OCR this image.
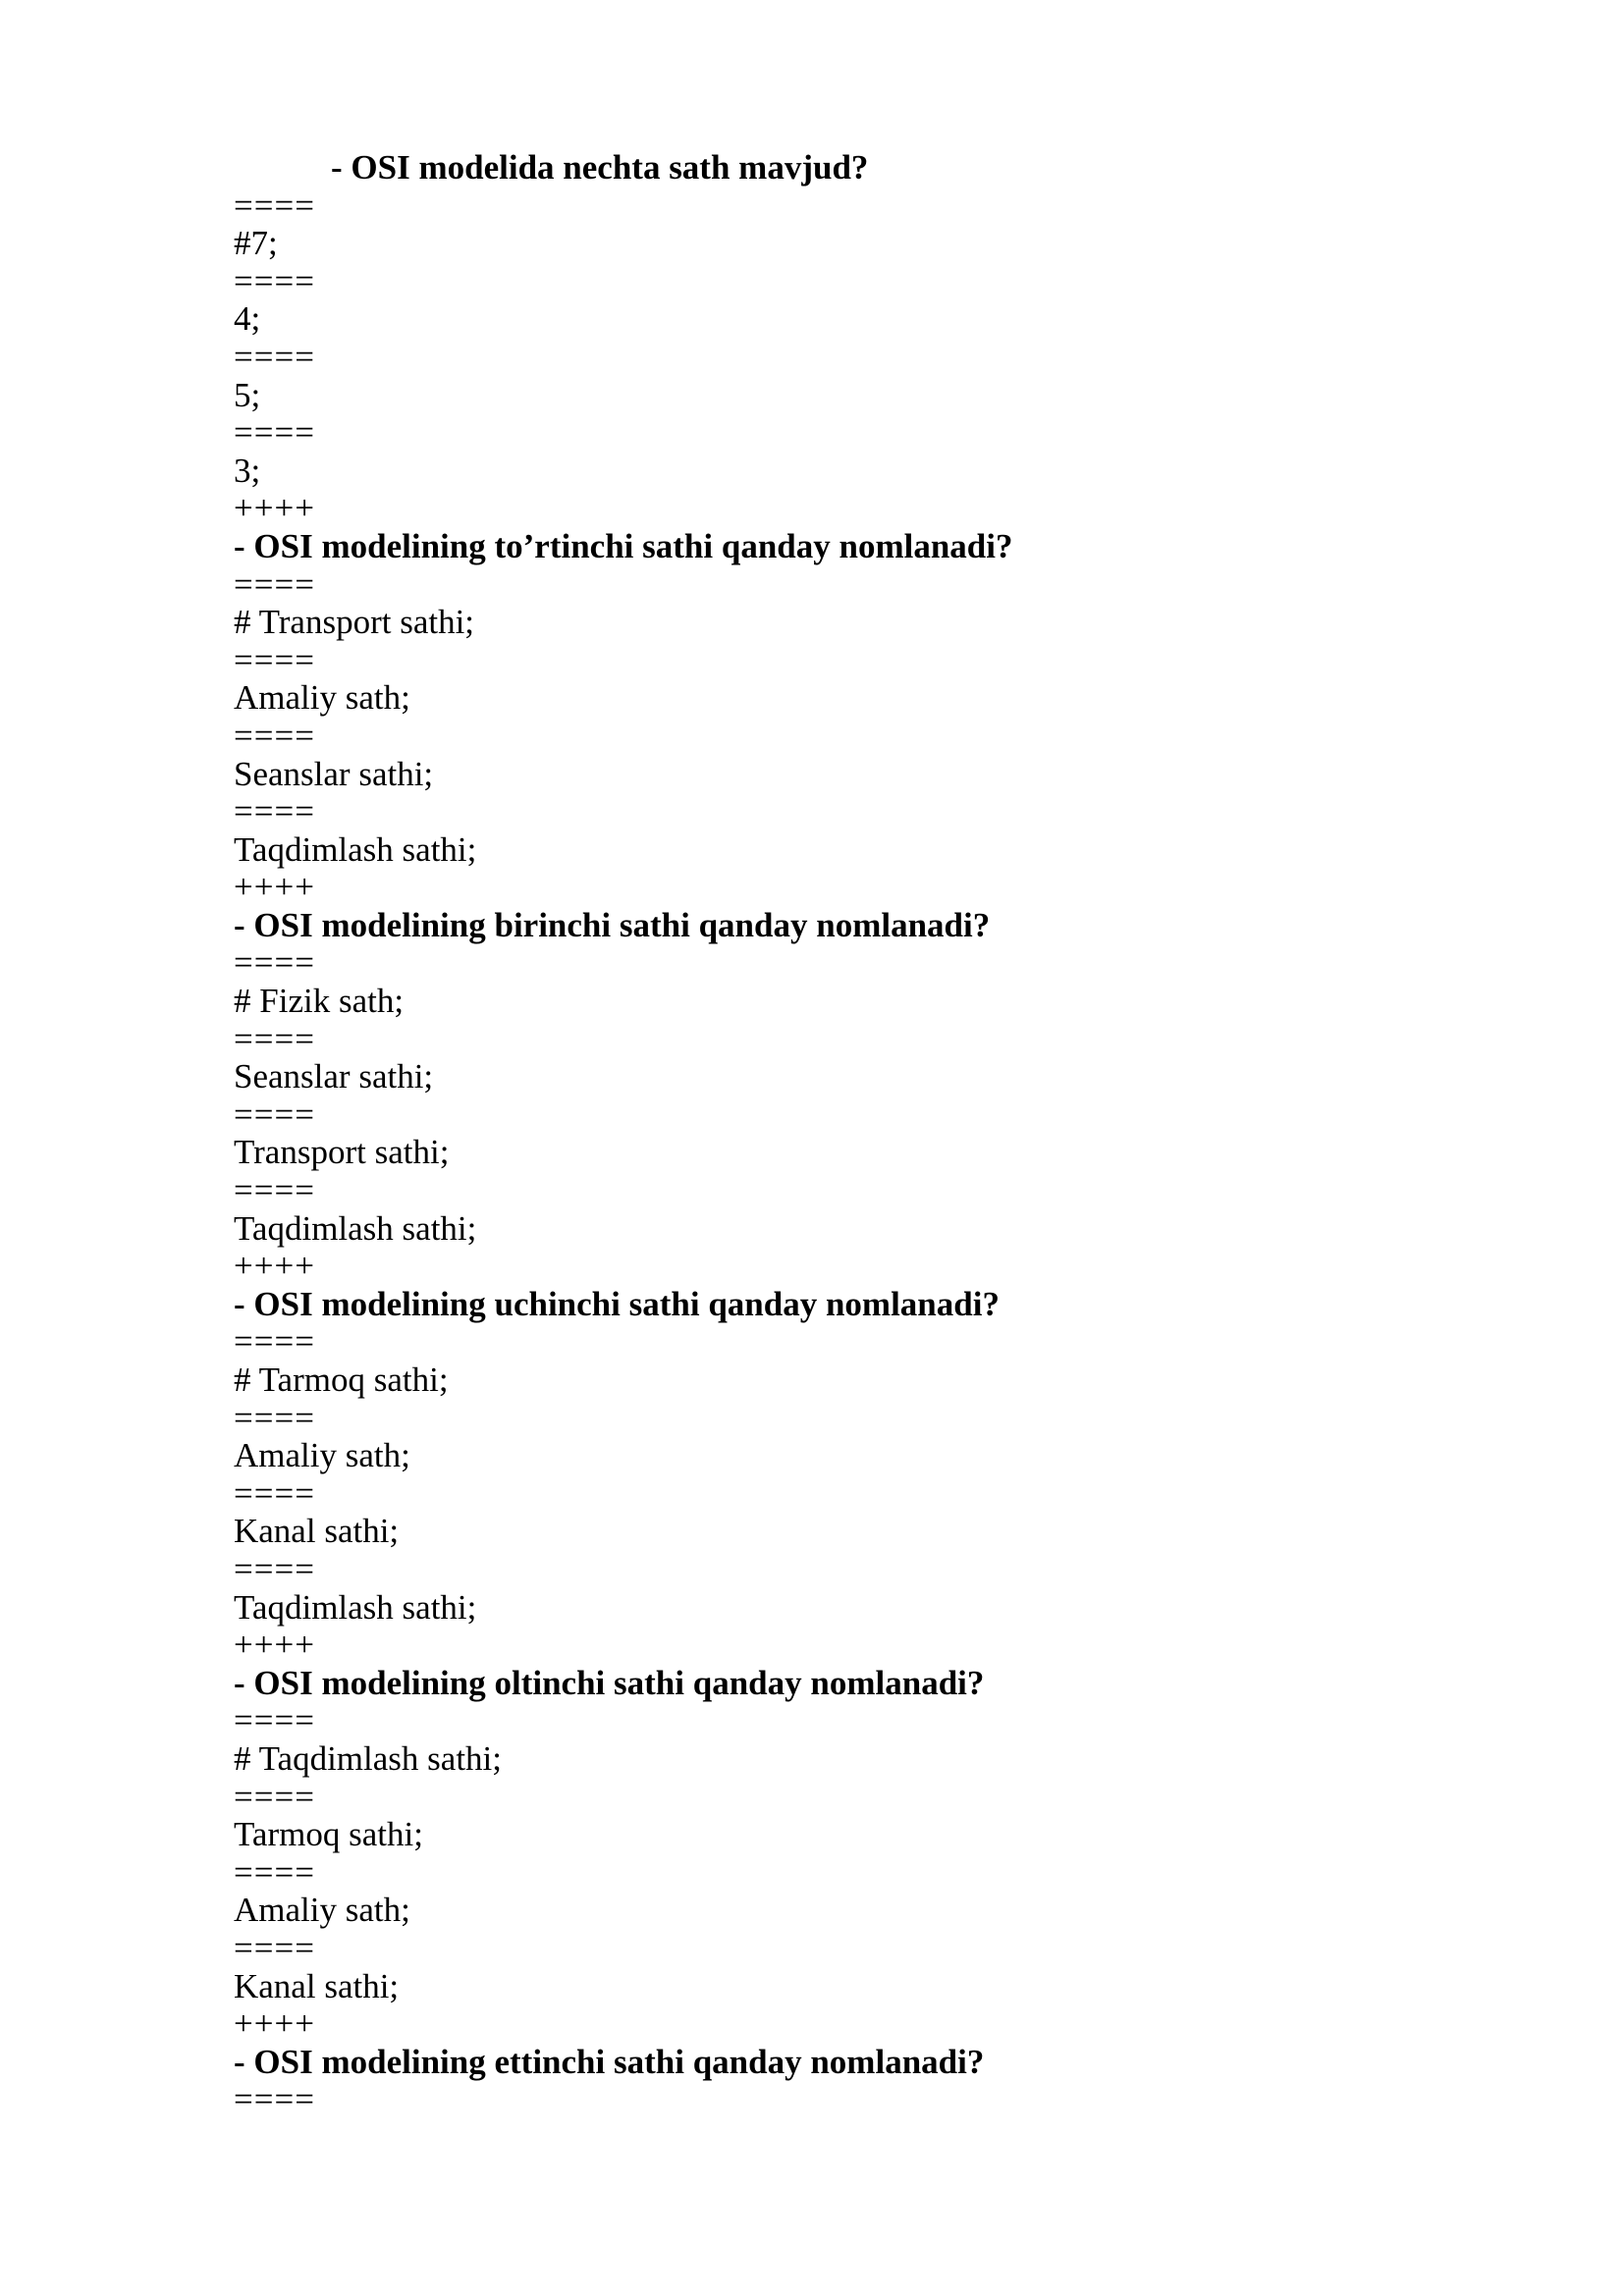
- OSI modelida nechta sath mavjud?
====
#7;
====
4;
====
5;
====
3;
++++
- OSI modelining to’rtinchi sathi qanday nomlanadi?
====
# Transport sathi;
====
Amaliy sath;
====
Seanslar sathi;
====
Taqdimlash sathi;
++++
- OSI modelining birinchi sathi qanday nomlanadi?
====
# Fizik sath;
====
Seanslar sathi;
====
Transport sathi;
====
Taqdimlash sathi;
++++
- OSI modelining uchinchi sathi qanday nomlanadi?
====
# Tarmoq sathi;
====
Amaliy sath;
====
Kanal sathi;
====
Taqdimlash sathi;
++++
- OSI modelining oltinchi sathi qanday nomlanadi?
====
# Taqdimlash sathi;
====
Tarmoq sathi;
====
Amaliy sath;
====
Kanal sathi;
++++
- OSI modelining ettinchi sathi qanday nomlanadi?
====
